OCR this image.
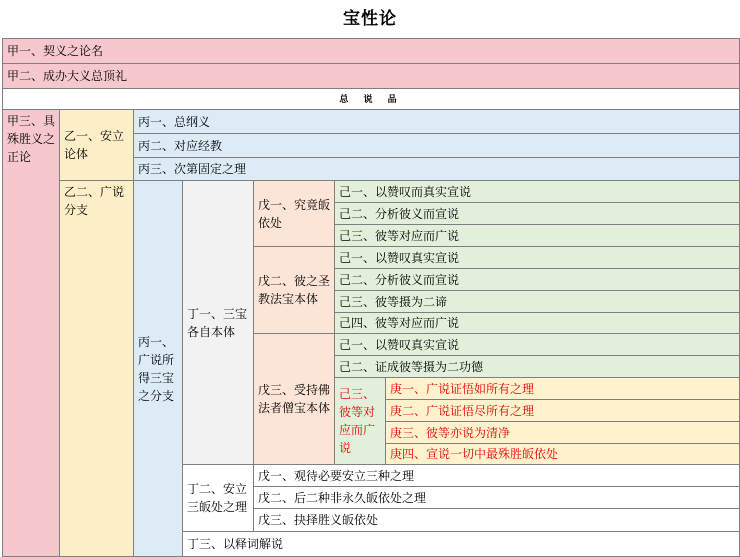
宝性论
甲一、契义之论名
甲二、成办大义总顶礼
总 说 品
甲三、具殊胜义之正论
乙一、安立论体
乙二、广说分支
丙一、总纲义
丙二、对应经教
丙三、次第固定之理
丙一、广说所得三宝之分支
丁一、三宝各自本体
丁二、安立三皈处之理
丁三、以释词解说
戊一、究竟皈依处
戊二、彼之圣教法宝本体
戊三、受持佛法者僧宝本体
己一、以赞叹而真实宣说
己二、分析彼义而宣说
己三、彼等对应而广说
己一、以赞叹真实宣说
己二、分析彼义而宣说
己三、彼等摄为二谛
己四、彼等对应而广说
己一、以赞叹真实宣说
己二、证成彼等摄为二功德
己三、彼等对应而广说
庚一、广说证悟如所有之理
庚二、广说证悟尽所有之理
庚三、彼等亦说为清净
庚四、宣说一切中最殊胜皈依处
戊一、观待必要安立三种之理
戊二、后二种非永久皈依处之理
戊三、抉择胜义皈依处
